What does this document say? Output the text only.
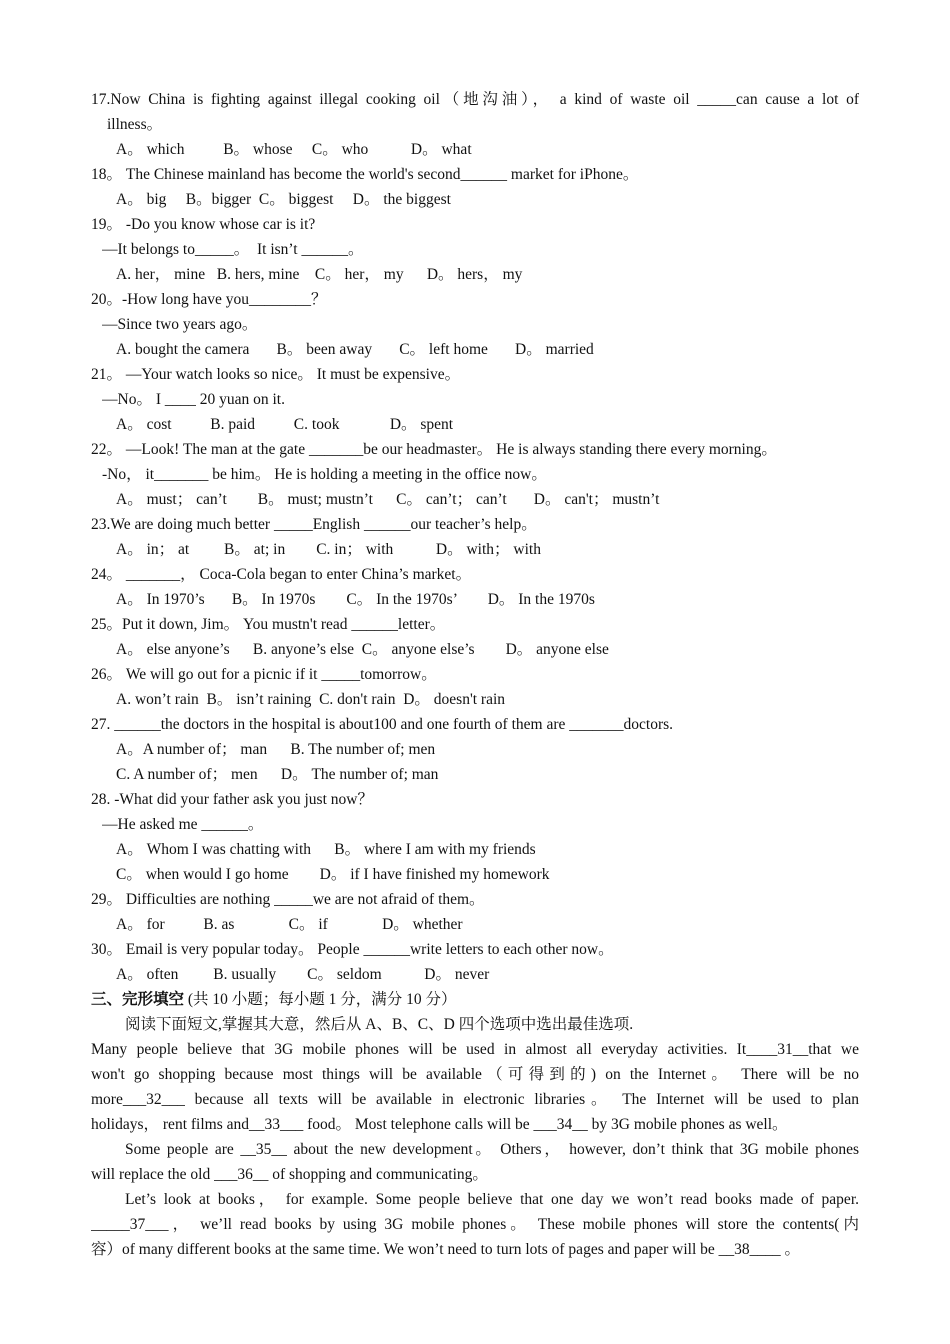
17.Now China is fighting against illegal cooking oil（地沟油）， a kind of waste oil _____can cause a lot of
illness。
A。 which          B。 whose     C。 who           D。 what
18。 The Chinese mainland has become the world's second______ market for iPhone。
A。 big     B。bigger  C。 biggest     D。 the biggest
19。 -Do you know whose car is it?
—It belongs to_____。  It isn’t ______。
A. her， mine   B. hers, mine    C。 her， my      D。 hers， my
20。-How long have you________？
—Since two years ago。
A. bought the camera       B。 been away       C。 left home       D。 married
21。 —Your watch looks so nice。 It must be expensive。
—No。 I ____ 20 yuan on it.
A。 cost          B. paid          C. took             D。 spent
22。 —Look! The man at the gate _______be our headmaster。 He is always standing there every morning。
-No， it_______ be him。 He is holding a meeting in the office now。
A。 must； can’t        B。 must; mustn’t      C。 can’t； can’t       D。 can't； mustn’t
23.We are doing much better _____English ______our teacher’s help。
A。 in； at         B。 at; in        C. in； with           D。 with； with
24。 _______， Coca-Cola began to enter China’s market。
A。 In 1970’s       B。 In 1970s        C。 In the 1970s’        D。 In the 1970s
25。Put it down, Jim。 You mustn't read ______letter。
A。 else anyone’s      B. anyone’s else  C。 anyone else’s        D。 anyone else
26。 We will go out for a picnic if it _____tomorrow。
A. won’t rain  B。 isn’t raining  C. don't rain  D。 doesn't rain
27. ______the doctors in the hospital is about100 and one fourth of them are _______doctors.
A。A number of； man      B. The number of; men
C. A number of； men      D。 The number of; man
28. -What did your father ask you just now？
—He asked me ______。
A。 Whom I was chatting with      B。 where I am with my friends
C。 when would I go home        D。 if I have finished my homework
29。 Difficulties are nothing _____we are not afraid of them。
A。 for          B. as              C。 if              D。 whether
30。 Email is very popular today。 People ______write letters to each other now。
A。 often         B. usually        C。 seldom           D。 never
三、完形填空 (共 10 小题；每小题 1 分，满分 10 分）
阅读下面短文,掌握其大意，然后从 A、B、C、D 四个选项中选出最佳选项.
Many people believe that 3G mobile phones will be used in almost all everyday activities. It____31__that we
won't go shopping because most things will be available（可得到的) on the Internet。 There will be no
more___32___ because all texts will be available in electronic libraries。 The Internet will be used to plan
holidays， rent films and__33___ food。 Most telephone calls will be ___34__ by 3G mobile phones as well。
Some people are __35__ about the new development。 Others， however, don’t think that 3G mobile phones
will replace the old ___36__ of shopping and communicating。
Let’s look at books， for example. Some people believe that one day we won’t read books made of paper.
_____37___， we’ll read books by using 3G mobile phones。 These mobile phones will store the contents(内
容）of many different books at the same time. We won’t need to turn lots of pages and paper will be __38____ 。
